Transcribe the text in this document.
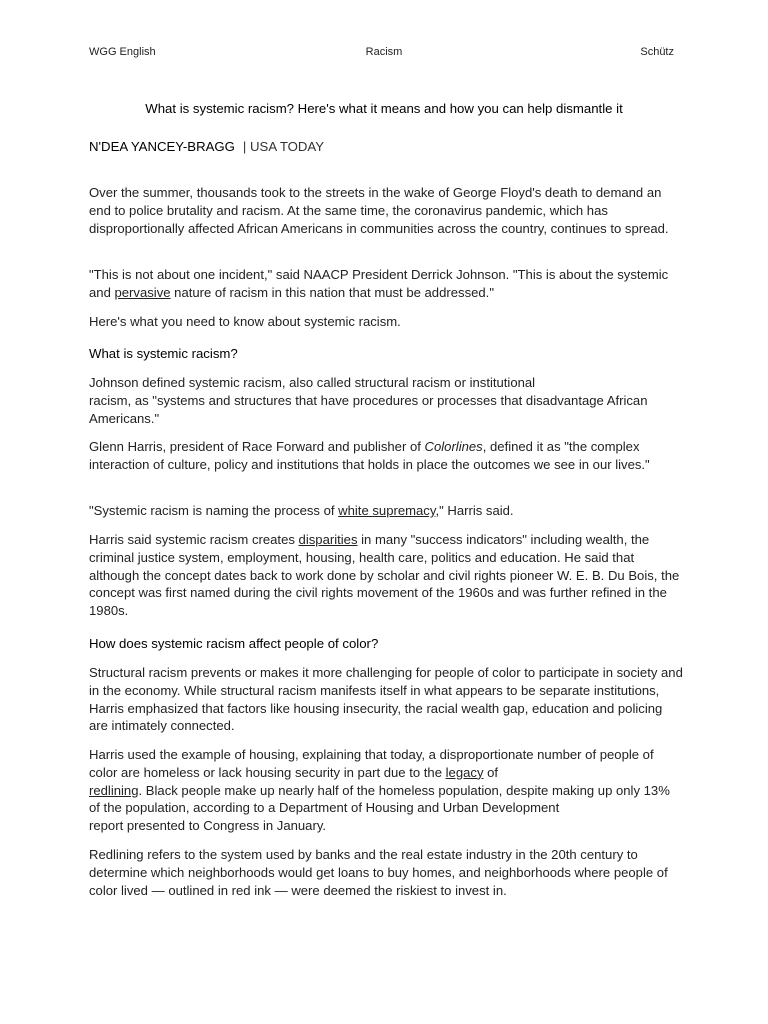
WGG English	Racism	Schütz
What is systemic racism? Here's what it means and how you can help dismantle it
N'DEA YANCEY-BRAGG | USA TODAY

Over the summer, thousands took to the streets in the wake of George Floyd's death to demand an end to police brutality and racism. At the same time, the coronavirus pandemic, which has disproportionally affected African Americans in communities across the country, continues to spread.

"This is not about one incident," said NAACP President Derrick Johnson. "This is about the systemic and pervasive nature of racism in this nation that must be addressed."

Here's what you need to know about systemic racism.

What is systemic racism?

Johnson defined systemic racism, also called structural racism or institutional
racism, as "systems and structures that have procedures or processes that disadvantage African Americans."

Glenn Harris, president of Race Forward and publisher of Colorlines, defined it as "the complex interaction of culture, policy and institutions that holds in place the outcomes we see in our lives."

"Systemic racism is naming the process of white supremacy," Harris said.

Harris said systemic racism creates disparities in many "success indicators" including wealth, the criminal justice system, employment, housing, health care, politics and education. He said that although the concept dates back to work done by scholar and civil rights pioneer W. E. B. Du Bois, the concept was first named during the civil rights movement of the 1960s and was further refined in the 1980s.

How does systemic racism affect people of color?

Structural racism prevents or makes it more challenging for people of color to participate in society and in the economy. While structural racism manifests itself in what appears to be separate institutions, Harris emphasized that factors like housing insecurity, the racial wealth gap, education and policing are intimately connected.

Harris used the example of housing, explaining that today, a disproportionate number of people of color are homeless or lack housing security in part due to the legacy of
redlining. Black people make up nearly half of the homeless population, despite making up only 13% of the population, according to a Department of Housing and Urban Development
report presented to Congress in January.

Redlining refers to the system used by banks and the real estate industry in the 20th century to determine which neighborhoods would get loans to buy homes, and neighborhoods where people of color lived — outlined in red ink — were deemed the riskiest to invest in.
